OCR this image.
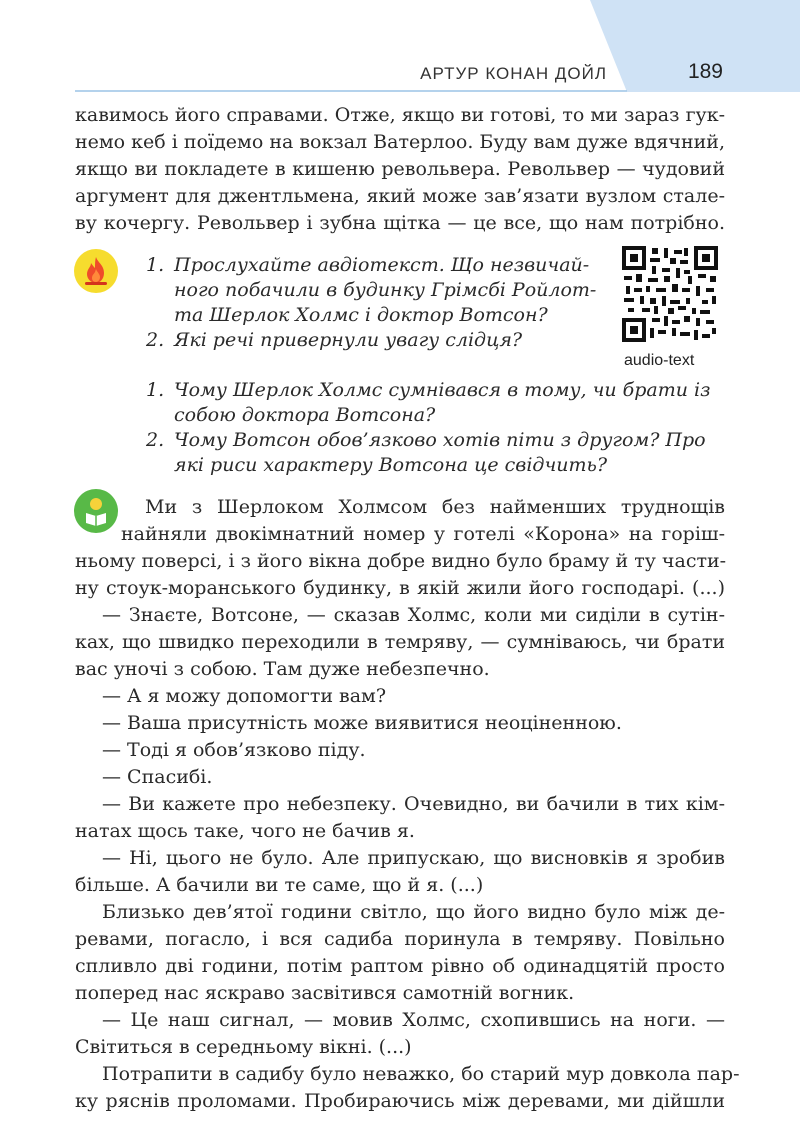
АРТУР КОНАН ДОЙЛ	189
кавимось його справами. Отже, якщо ви готові, то ми зараз гук-
немо кеб і поїдемо на вокзал Ватерлоо. Буду вам дуже вдячний,
якщо ви покладете в кишеню револьвера. Револьвер — чудовий
аргумент для джентльмена, який може зав’язати вузлом стале-
ву кочергу. Револьвер і зубна щітка — це все, що нам потрібно.
1. Прослухайте авдіотекст. Що незвичай-
ного побачили в будинку Грімсбі Ройлот-
та Шерлок Холмс і доктор Вотсон?
2. Які речі привернули увагу слідця?
audio-text
1. Чому Шерлок Холмс сумнівався в тому, чи брати із
собою доктора Вотсона?
2. Чому Вотсон обов’язково хотів піти з другом? Про
які риси характеру Вотсона це свідчить?
Ми з Шерлоком Холмсом без найменших труднощів
найняли двокімнатний номер у готелі «Корона» на горіш-
ньому поверсі, і з його вікна добре видно було браму й ту части-
ну стоук-моранського будинку, в якій жили його господарі. (...)
— Знаєте, Вотсоне, — сказав Холмс, коли ми сиділи в сутін-
ках, що швидко переходили в темряву, — сумніваюсь, чи брати
вас уночі з собою. Там дуже небезпечно.
— А я можу допомогти вам?
— Ваша присутність може виявитися неоціненною.
— Тоді я обов’язково піду.
— Спасибі.
— Ви кажете про небезпеку. Очевидно, ви бачили в тих кім-
натах щось таке, чого не бачив я.
— Ні, цього не було. Але припускаю, що висновків я зробив
більше. А бачили ви те саме, що й я. (...)
Близько дев’ятої години світло, що його видно було між де-
ревами, погасло, і вся садиба поринула в темряву. Повільно
спливло дві години, потім раптом рівно об одинадцятій просто
поперед нас яскраво засвітився самотній вогник.
— Це наш сигнал, — мовив Холмс, схопившись на ноги. —
Світиться в середньому вікні. (...)
Потрапити в садибу було неважко, бо старий мур довкола пар-
ку ряснів проломами. Пробираючись між деревами, ми дійшли
